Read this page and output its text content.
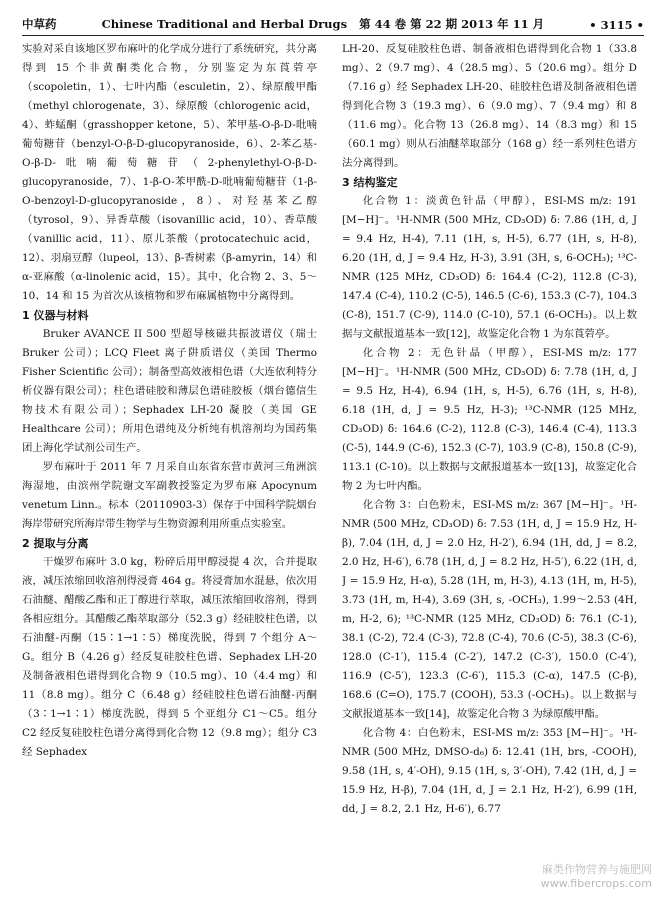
中草药	Chinese Traditional and Herbal Drugs 第 44 卷 第 22 期 2013 年 11 月	• 3115 •

实验对采自该地区罗布麻叶的化学成分进行了系统研究，共分离得到 15 个非黄酮类化合物，分别鉴定为东莨菪亭（scopoletin，1）、七叶内酯（esculetin，2）、绿原酸甲酯（methyl chlorogenate，3）、绿原酸（chlorogenic acid，4）、蚱蜢酮（grasshopper ketone，5）、苯甲基-O-β-D-吡喃葡萄糖苷（benzyl-O-β-D-glucopyranoside，6）、2-苯乙基-O-β-D-吡喃葡萄糖苷（2-phenylethyl-O-β-D-glucopyranoside，7）、1-β-O-苯甲酰-D-吡喃葡萄糖苷（1-β-O-benzoyl-D-glucopyranoside，8）、对羟基苯乙醇（tyrosol，9）、异香草酸（isovanillic acid，10）、香草酸（vanillic acid，11）、原儿茶酸（protocatechuic acid，12）、羽扇豆醇（lupeol，13）、β-香树素（β-amyrin，14）和 α-亚麻酸（α-linolenic acid，15）。其中，化合物 2、3、5～10、14 和 15 为首次从该植物和罗布麻属植物中分离得到。

1 仪器与材料

Bruker AVANCE II 500 型超导核磁共振波谱仪（瑞士 Bruker 公司）；LCQ Fleet 离子阱质谱仪（美国 Thermo Fisher Scientific 公司）；制备型高效液相色谱（大连依利特分析仪器有限公司）；柱色谱硅胶和薄层色谱硅胶板（烟台德信生物技术有限公司）；Sephadex LH-20 凝胶（美国 GE Healthcare 公司）；所用色谱纯及分析纯有机溶剂均为国药集团上海化学试剂公司生产。

罗布麻叶于 2011 年 7 月采自山东省东营市黄河三角洲滨海湿地，由滨州学院谢文军副教授鉴定为罗布麻 Apocynum venetum Linn.。标本（20110903-3）保存于中国科学院烟台海岸带研究所海岸带生物学与生物资源利用所重点实验室。

2 提取与分离

干燥罗布麻叶 3.0 kg，粉碎后用甲醇浸提 4 次，合并提取液，减压浓缩回收溶剂得浸膏 464 g。将浸膏加水混悬，依次用石油醚、醋酸乙酯和正丁醇进行萃取，减压浓缩回收溶剂，得到各相应组分。其醋酸乙酯萃取部分（52.3 g）经硅胶柱色谱，以石油醚-丙酮（15∶1→1∶5）梯度洗脱，得到 7 个组分 A～G。组分 B（4.26 g）经反复硅胶柱色谱、Sephadex LH-20 及制备液相色谱得到化合物 9（10.5 mg）、10（4.4 mg）和 11（8.8 mg）。组分 C（6.48 g）经硅胶柱色谱石油醚-丙酮（3∶1→1∶1）梯度洗脱，得到 5 个亚组分 C1～C5。组分 C2 经反复硅胶柱色谱分离得到化合物 12（9.8 mg）；组分 C3 经 Sephadex

LH-20、反复硅胶柱色谱、制备液相色谱得到化合物 1（33.8 mg）、2（9.7 mg）、4（28.5 mg）、5（20.6 mg）。组分 D（7.16 g）经 Sephadex LH-20、硅胶柱色谱及制备液相色谱得到化合物 3（19.3 mg）、6（9.0 mg）、7（9.4 mg）和 8（11.6 mg）。化合物 13（26.8 mg）、14（8.3 mg）和 15（60.1 mg）则从石油醚萃取部分（168 g）经一系列柱色谱方法分离得到。

3 结构鉴定

化合物 1：淡黄色针晶（甲醇），ESI-MS m/z: 191 [M−H]⁻。¹H-NMR (500 MHz, CD₃OD) δ: 7.86 (1H, d, J = 9.4 Hz, H-4), 7.11 (1H, s, H-5), 6.77 (1H, s, H-8), 6.20 (1H, d, J = 9.4 Hz, H-3), 3.91 (3H, s, 6-OCH₃); ¹³C-NMR (125 MHz, CD₃OD) δ: 164.4 (C-2), 112.8 (C-3), 147.4 (C-4), 110.2 (C-5), 146.5 (C-6), 153.3 (C-7), 104.3 (C-8), 151.7 (C-9), 114.0 (C-10), 57.1 (6-OCH₃)。以上数据与文献报道基本一致[12]，故鉴定化合物 1 为东莨菪亭。

化合物 2：无色针晶（甲醇），ESI-MS m/z: 177 [M−H]⁻。¹H-NMR (500 MHz, CD₃OD) δ: 7.78 (1H, d, J = 9.5 Hz, H-4), 6.94 (1H, s, H-5), 6.76 (1H, s, H-8), 6.18 (1H, d, J = 9.5 Hz, H-3); ¹³C-NMR (125 MHz, CD₃OD) δ: 164.6 (C-2), 112.8 (C-3), 146.4 (C-4), 113.3 (C-5), 144.9 (C-6), 152.3 (C-7), 103.9 (C-8), 150.8 (C-9), 113.1 (C-10)。以上数据与文献报道基本一致[13]，故鉴定化合物 2 为七叶内酯。

化合物 3：白色粉末，ESI-MS m/z: 367 [M−H]⁻。¹H-NMR (500 MHz, CD₃OD) δ: 7.53 (1H, d, J = 15.9 Hz, H-β), 7.04 (1H, d, J = 2.0 Hz, H-2′), 6.94 (1H, dd, J = 8.2, 2.0 Hz, H-6′), 6.78 (1H, d, J = 8.2 Hz, H-5′), 6.22 (1H, d, J = 15.9 Hz, H-α), 5.28 (1H, m, H-3), 4.13 (1H, m, H-5), 3.73 (1H, m, H-4), 3.69 (3H, s, -OCH₃), 1.99～2.53 (4H, m, H-2, 6); ¹³C-NMR (125 MHz, CD₃OD) δ: 76.1 (C-1), 38.1 (C-2), 72.4 (C-3), 72.8 (C-4), 70.6 (C-5), 38.3 (C-6), 128.0 (C-1′), 115.4 (C-2′), 147.2 (C-3′), 150.0 (C-4′), 116.9 (C-5′), 123.3 (C-6′), 115.3 (C-α), 147.5 (C-β), 168.6 (C=O), 175.7 (COOH), 53.3 (-OCH₃)。以上数据与文献报道基本一致[14]，故鉴定化合物 3 为绿原酸甲酯。

化合物 4：白色粉末，ESI-MS m/z: 353 [M−H]⁻。¹H-NMR (500 MHz, DMSO-d₆) δ: 12.41 (1H, brs, -COOH), 9.58 (1H, s, 4′-OH), 9.15 (1H, s, 3′-OH), 7.42 (1H, d, J = 15.9 Hz, H-β), 7.04 (1H, d, J = 2.1 Hz, H-2′), 6.99 (1H, dd, J = 8.2, 2.1 Hz, H-6′), 6.77

麻类作物营养与施肥网
www.fibercrops.com
